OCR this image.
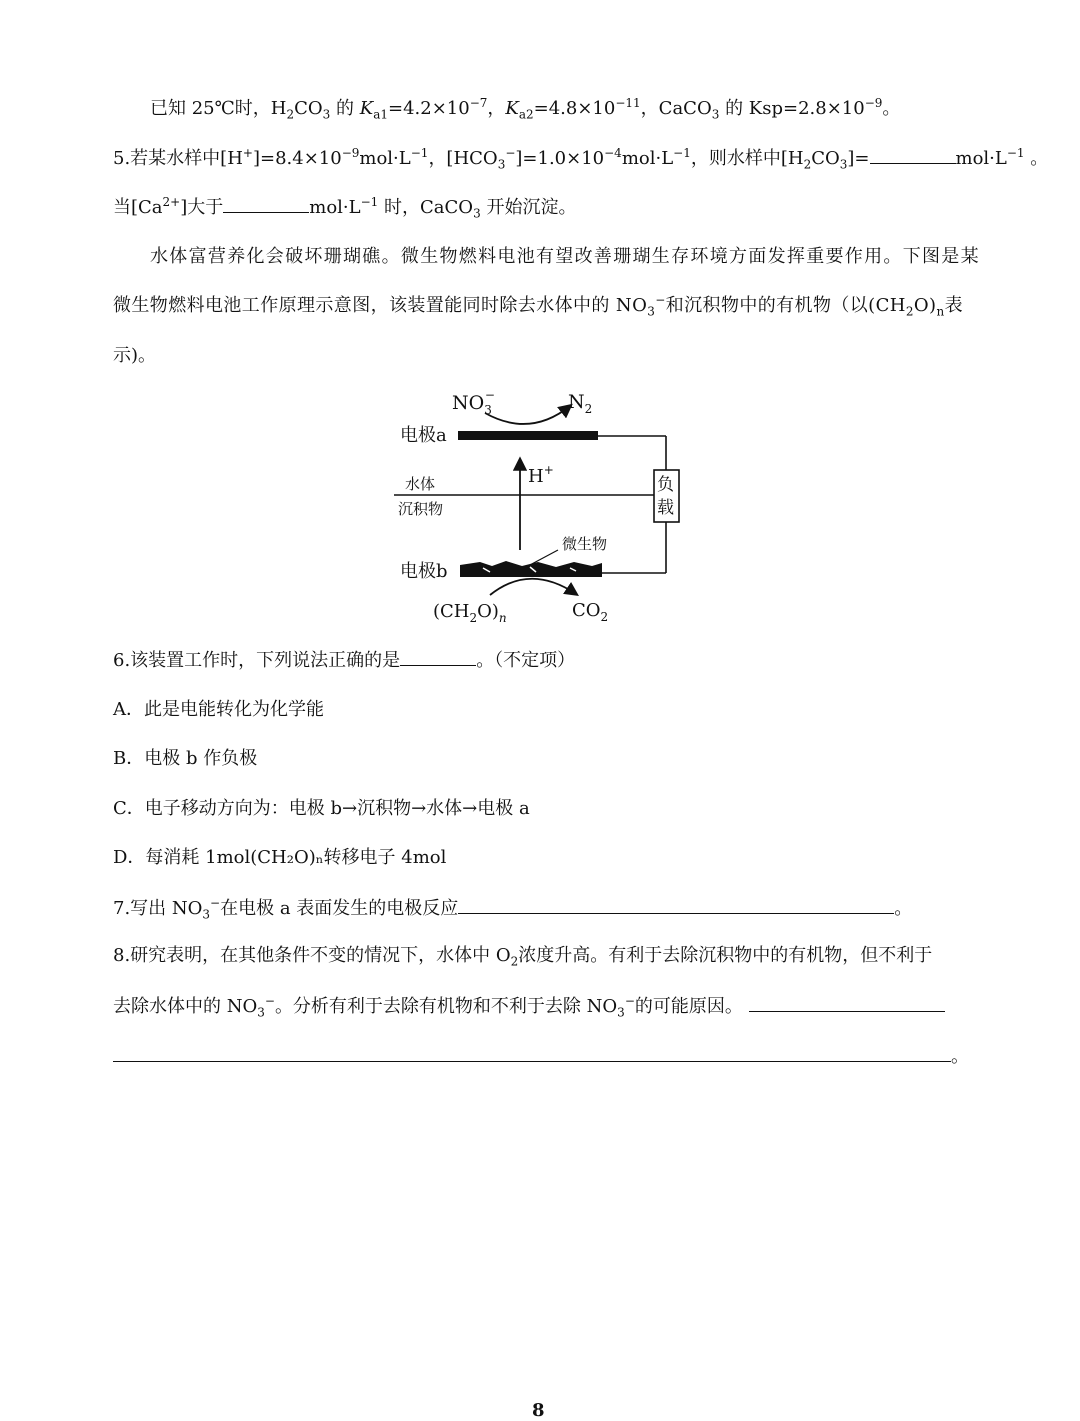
已知 25℃时，$H_2CO_3$ 的 $K_{a1}=4.2\times 10^{-7}$，$K_{a2}=4.8\times 10^{-11}$，CaCO$_3$ 的 $Ksp=2.8\times 10^{-9}$。
5.若某水样中$[H^+]=8.4\times 10^{-9}mol\cdot L^{-1}$，$[HCO_3^-]=1.0\times 10^{-4}mol\cdot L^{-1}$，则水样中$[H_2CO_3]=$	$mol\cdot L^{-1}$ 。
当$[Ca^{2+}]$大于	$mol\cdot L^{-1}$ 时，CaCO$_3$ 开始沉淀。
水体富营养化会破坏珊瑚礁。微生物燃料电池有望改善珊瑚生存环境方面发挥重要作用。下图是某
微生物燃料电池工作原理示意图，该装置能同时除去水体中的 $NO_3^-$和沉积物中的有机物（以$(CH_2O)_n$表
示)。
$NO_3-$	$N_2$
电极a
负
载
H+
水体
沉积物
微生物
电极b
$(CH_2O)_n$	$CO_2$
6.该装置工作时，下列说法正确的是	。（不定项）
A．此是电能转化为化学能
B．电极 b 作负极
C．电子移动方向为：电极 b→沉积物→水体→电极 a
D．每消耗 1mol(CH₂O)ₙ转移电子 4mol
7.写出 $NO_3^-$在电极 a 表面发生的电极反应	。
8.研究表明，在其他条件不变的情况下，水体中 $O_2$浓度升高。有利于去除沉积物中的有机物，但不利于
去除水体中的 $NO_3^-$。分析有利于去除有机物和不利于去除 $NO_3^-$的可能原因。
。
8
